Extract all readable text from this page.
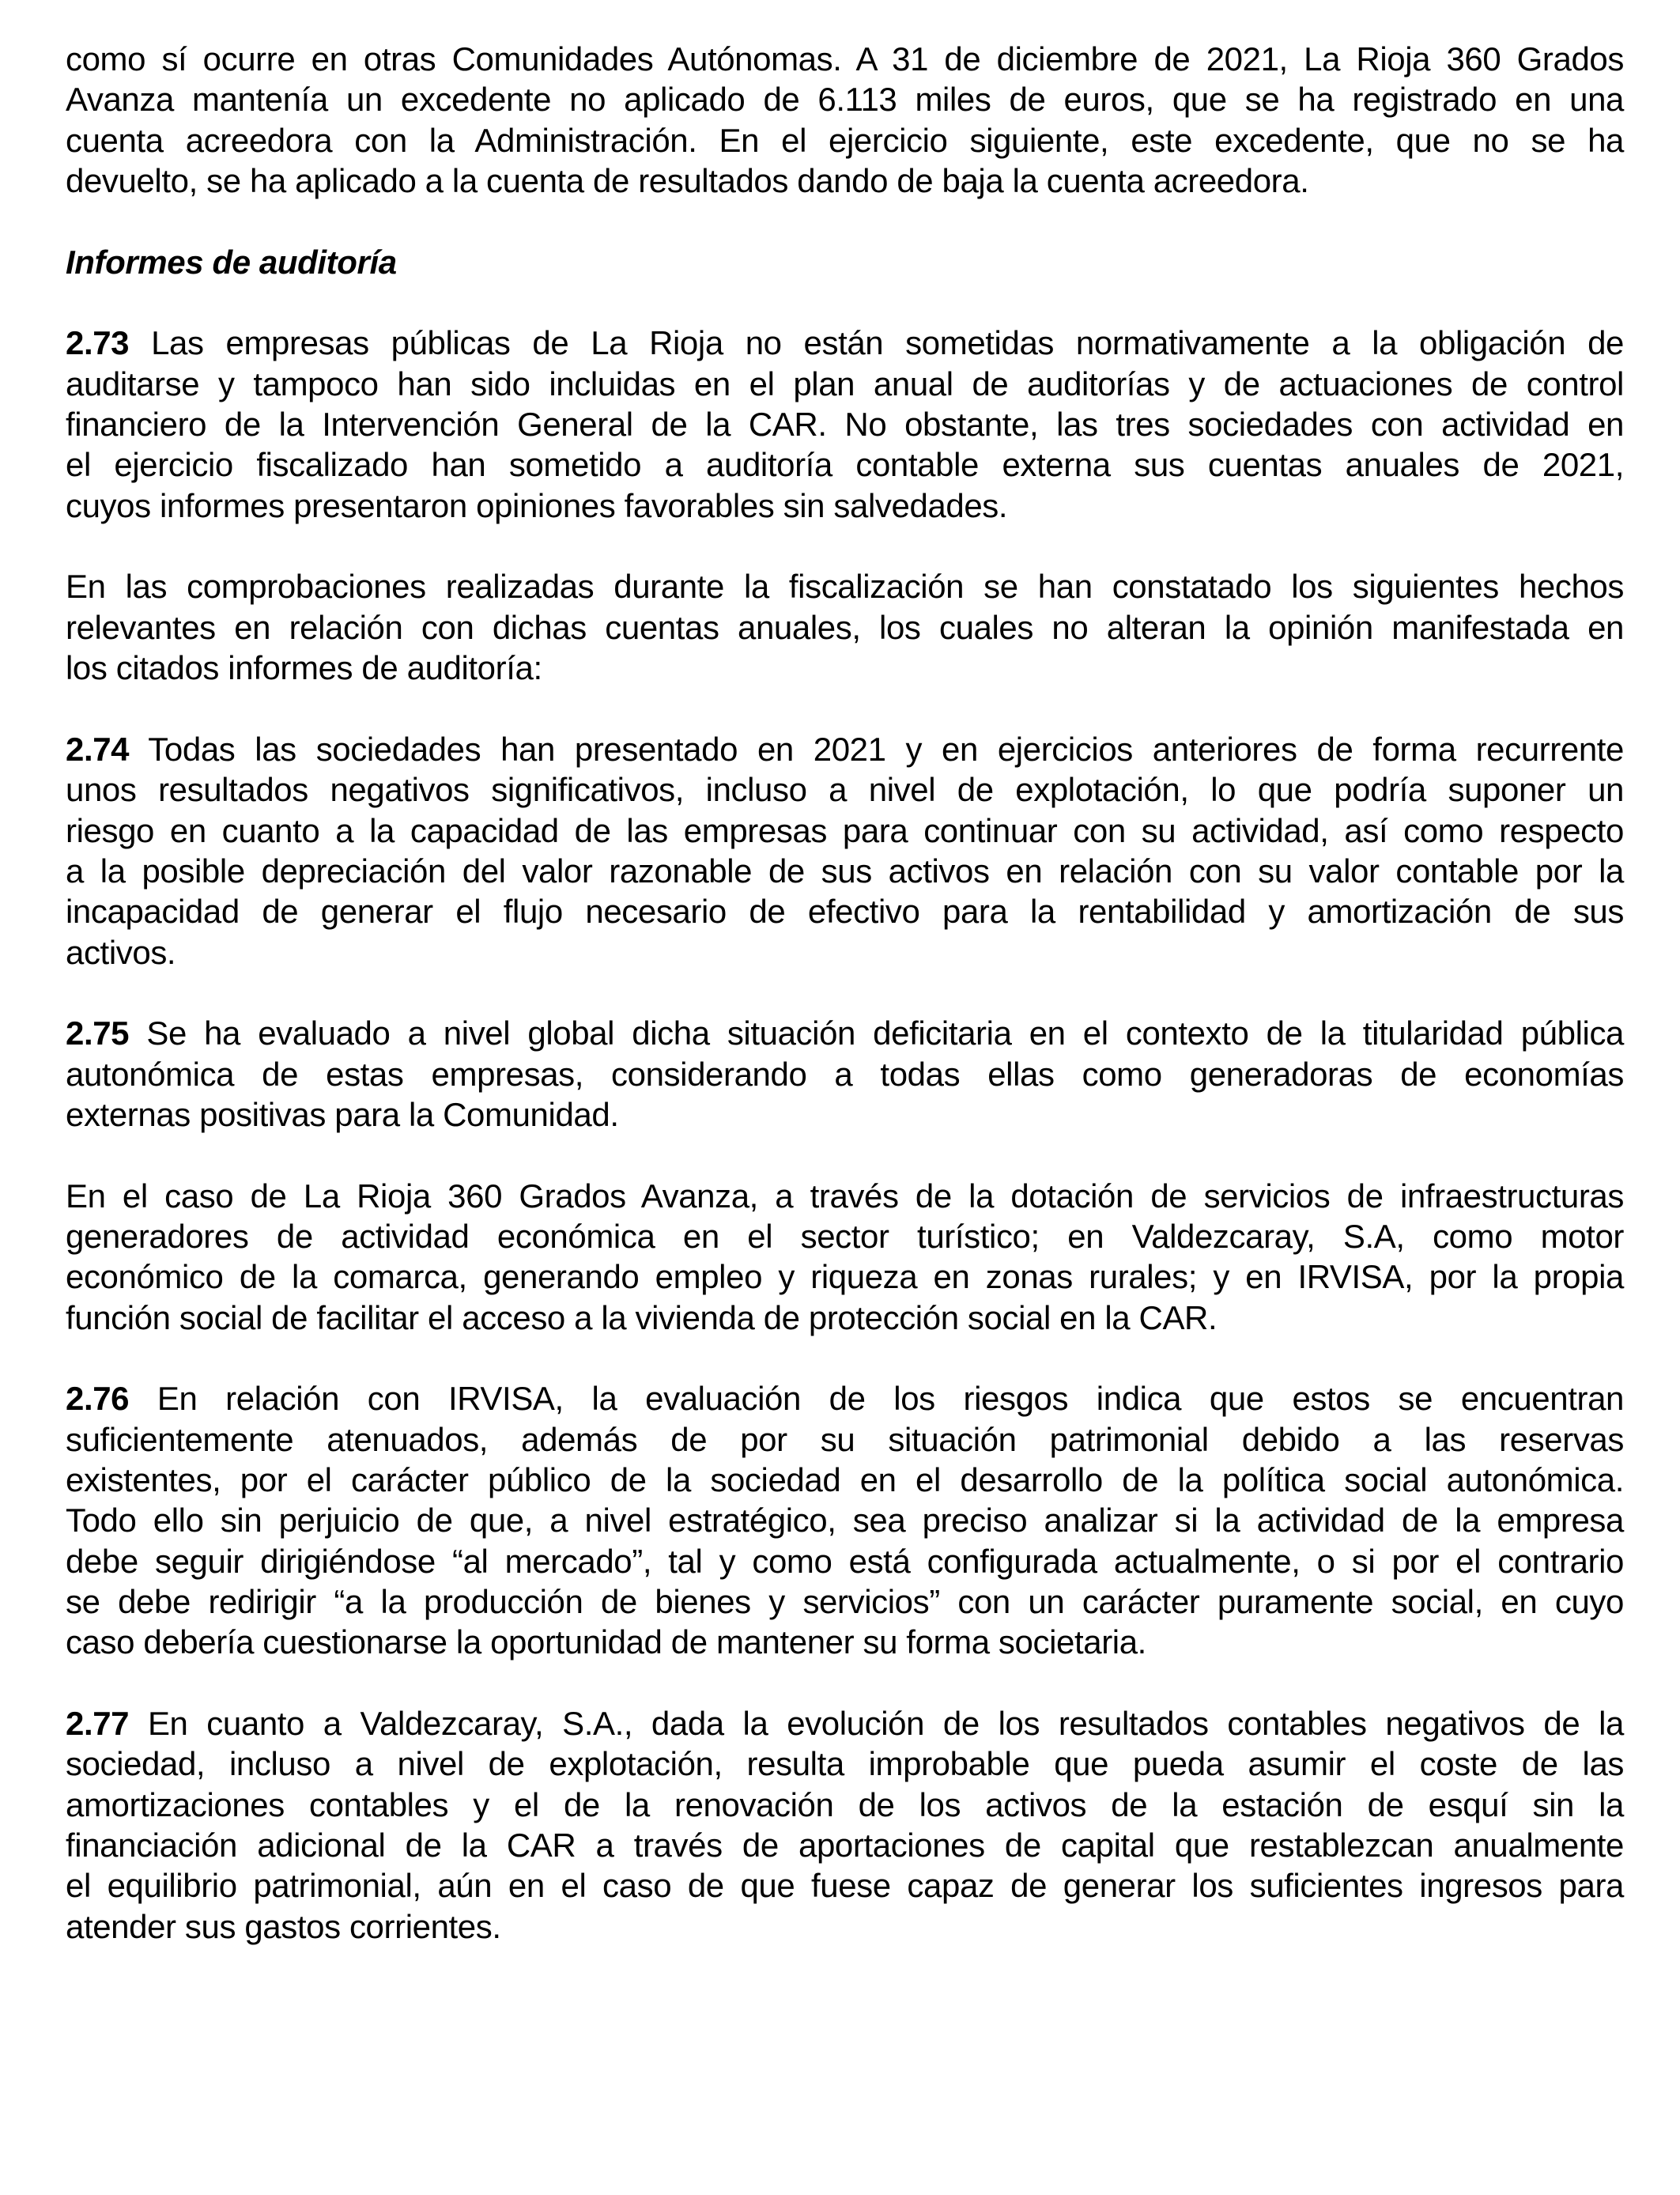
como sí ocurre en otras Comunidades Autónomas. A 31 de diciembre de 2021, La Rioja 360 Grados
Avanza mantenía un excedente no aplicado de 6.113 miles de euros, que se ha registrado en una
cuenta acreedora con la Administración. En el ejercicio siguiente, este excedente, que no se ha
devuelto, se ha aplicado a la cuenta de resultados dando de baja la cuenta acreedora.
Informes de auditoría
2.73 Las empresas públicas de La Rioja no están sometidas normativamente a la obligación de
auditarse y tampoco han sido incluidas en el plan anual de auditorías y de actuaciones de control
financiero de la Intervención General de la CAR. No obstante, las tres sociedades con actividad en
el ejercicio fiscalizado han sometido a auditoría contable externa sus cuentas anuales de 2021,
cuyos informes presentaron opiniones favorables sin salvedades.
En las comprobaciones realizadas durante la fiscalización se han constatado los siguientes hechos
relevantes en relación con dichas cuentas anuales, los cuales no alteran la opinión manifestada en
los citados informes de auditoría:
2.74 Todas las sociedades han presentado en 2021 y en ejercicios anteriores de forma recurrente
unos resultados negativos significativos, incluso a nivel de explotación, lo que podría suponer un
riesgo en cuanto a la capacidad de las empresas para continuar con su actividad, así como respecto
a la posible depreciación del valor razonable de sus activos en relación con su valor contable por la
incapacidad de generar el flujo necesario de efectivo para la rentabilidad y amortización de sus
activos.
2.75 Se ha evaluado a nivel global dicha situación deficitaria en el contexto de la titularidad pública
autonómica de estas empresas, considerando a todas ellas como generadoras de economías
externas positivas para la Comunidad.
En el caso de La Rioja 360 Grados Avanza, a través de la dotación de servicios de infraestructuras
generadores de actividad económica en el sector turístico; en Valdezcaray, S.A, como motor
económico de la comarca, generando empleo y riqueza en zonas rurales; y en IRVISA, por la propia
función social de facilitar el acceso a la vivienda de protección social en la CAR.
2.76 En relación con IRVISA, la evaluación de los riesgos indica que estos se encuentran
suficientemente atenuados, además de por su situación patrimonial debido a las reservas
existentes, por el carácter público de la sociedad en el desarrollo de la política social autonómica.
Todo ello sin perjuicio de que, a nivel estratégico, sea preciso analizar si la actividad de la empresa
debe seguir dirigiéndose “al mercado”, tal y como está configurada actualmente, o si por el contrario
se debe redirigir “a la producción de bienes y servicios” con un carácter puramente social, en cuyo
caso debería cuestionarse la oportunidad de mantener su forma societaria.
2.77 En cuanto a Valdezcaray, S.A., dada la evolución de los resultados contables negativos de la
sociedad, incluso a nivel de explotación, resulta improbable que pueda asumir el coste de las
amortizaciones contables y el de la renovación de los activos de la estación de esquí sin la
financiación adicional de la CAR a través de aportaciones de capital que restablezcan anualmente
el equilibrio patrimonial, aún en el caso de que fuese capaz de generar los suficientes ingresos para
atender sus gastos corrientes.
